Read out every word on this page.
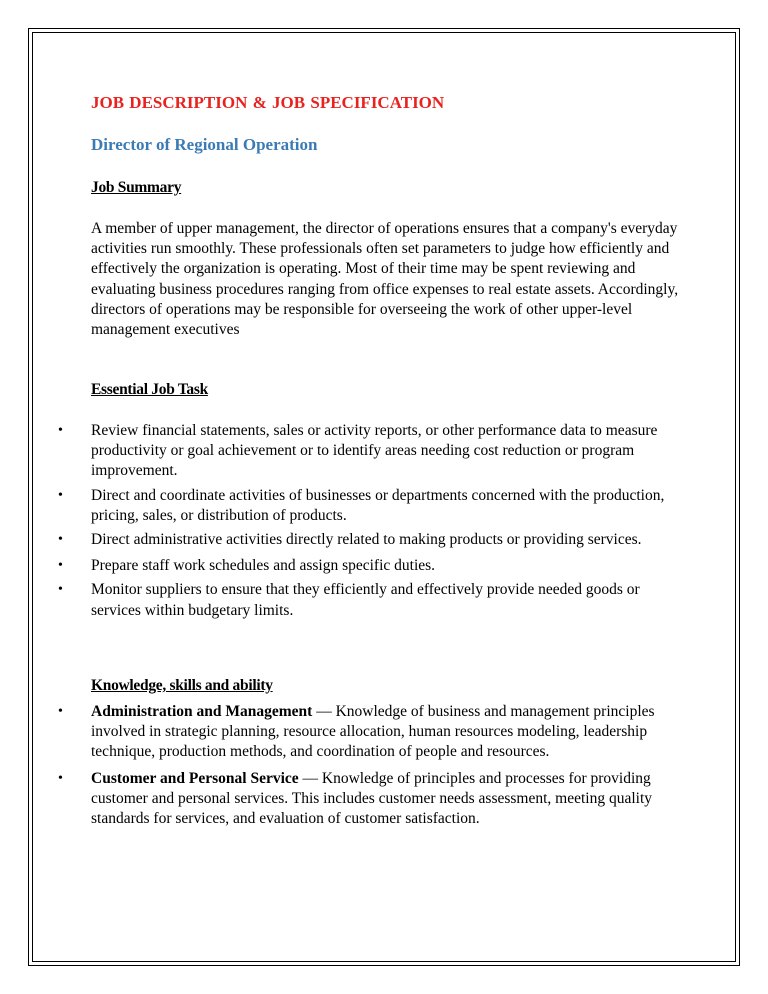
JOB DESCRIPTION & JOB SPECIFICATION
Director of Regional Operation
Job Summary
A member of upper management, the director of operations ensures that a company's everyday activities run smoothly. These professionals often set parameters to judge how efficiently and effectively the organization is operating. Most of their time may be spent reviewing and evaluating business procedures ranging from office expenses to real estate assets. Accordingly, directors of operations may be responsible for overseeing the work of other upper-level management executives
Essential Job Task
• Review financial statements, sales or activity reports, or other performance data to measure productivity or goal achievement or to identify areas needing cost reduction or program improvement.
• Direct and coordinate activities of businesses or departments concerned with the production, pricing, sales, or distribution of products.
• Direct administrative activities directly related to making products or providing services.
• Prepare staff work schedules and assign specific duties.
• Monitor suppliers to ensure that they efficiently and effectively provide needed goods or services within budgetary limits.
Knowledge, skills and ability
• Administration and Management — Knowledge of business and management principles involved in strategic planning, resource allocation, human resources modeling, leadership technique, production methods, and coordination of people and resources.
• Customer and Personal Service — Knowledge of principles and processes for providing customer and personal services. This includes customer needs assessment, meeting quality standards for services, and evaluation of customer satisfaction.
